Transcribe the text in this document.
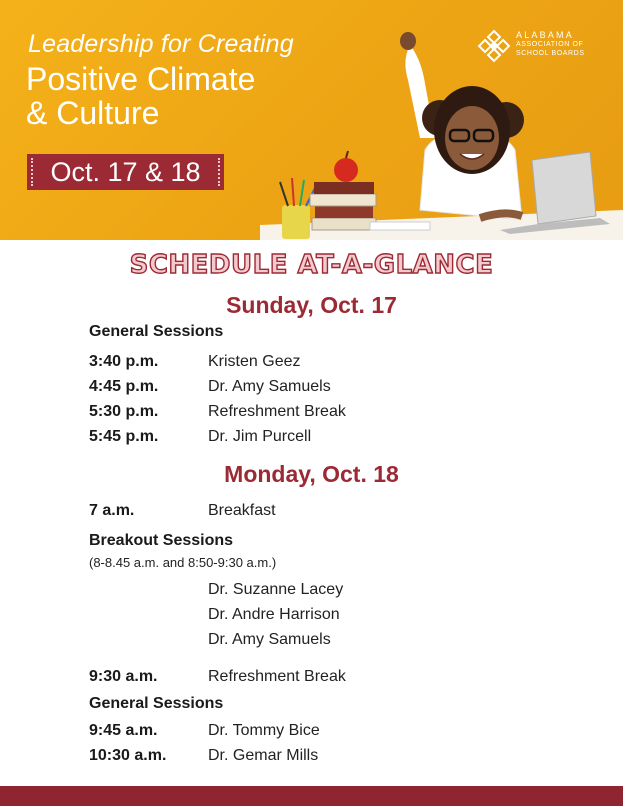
Leadership for Creating
Positive Climate
& Culture
Oct. 17 & 18
ALABAMA
ASSOCIATION OF
SCHOOL BOARDS
SCHEDULE AT-A-GLANCE
Sunday, Oct. 17
General Sessions
3:40 p.m.	Kristen Geez
4:45 p.m.	Dr. Amy Samuels
5:30 p.m.	Refreshment Break
5:45 p.m.	Dr. Jim Purcell
Monday, Oct. 18
7 a.m.	Breakfast
Breakout Sessions
(8-8.45 a.m. and 8:50-9:30 a.m.)
Dr. Suzanne Lacey
Dr. Andre Harrison
Dr. Amy Samuels
9:30 a.m.	Refreshment Break
General Sessions
9:45 a.m.	Dr. Tommy Bice
10:30 a.m.	Dr. Gemar Mills
